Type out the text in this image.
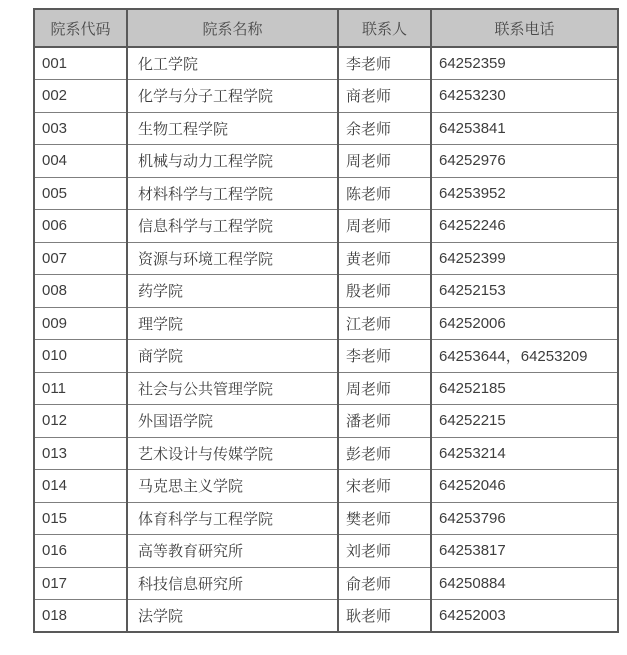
院系代码	院系名称	联系人	联系电话
001	化工学院	李老师	64252359
002	化学与分子工程学院	商老师	64253230
003	生物工程学院	余老师	64253841
004	机械与动力工程学院	周老师	64252976
005	材料科学与工程学院	陈老师	64253952
006	信息科学与工程学院	周老师	64252246
007	资源与环境工程学院	黄老师	64252399
008	药学院	殷老师	64252153
009	理学院	江老师	64252006
010	商学院	李老师	64253644，64253209
011	社会与公共管理学院	周老师	64252185
012	外国语学院	潘老师	64252215
013	艺术设计与传媒学院	彭老师	64253214
014	马克思主义学院	宋老师	64252046
015	体育科学与工程学院	樊老师	64253796
016	高等教育研究所	刘老师	64253817
017	科技信息研究所	俞老师	64250884
018	法学院	耿老师	64252003
